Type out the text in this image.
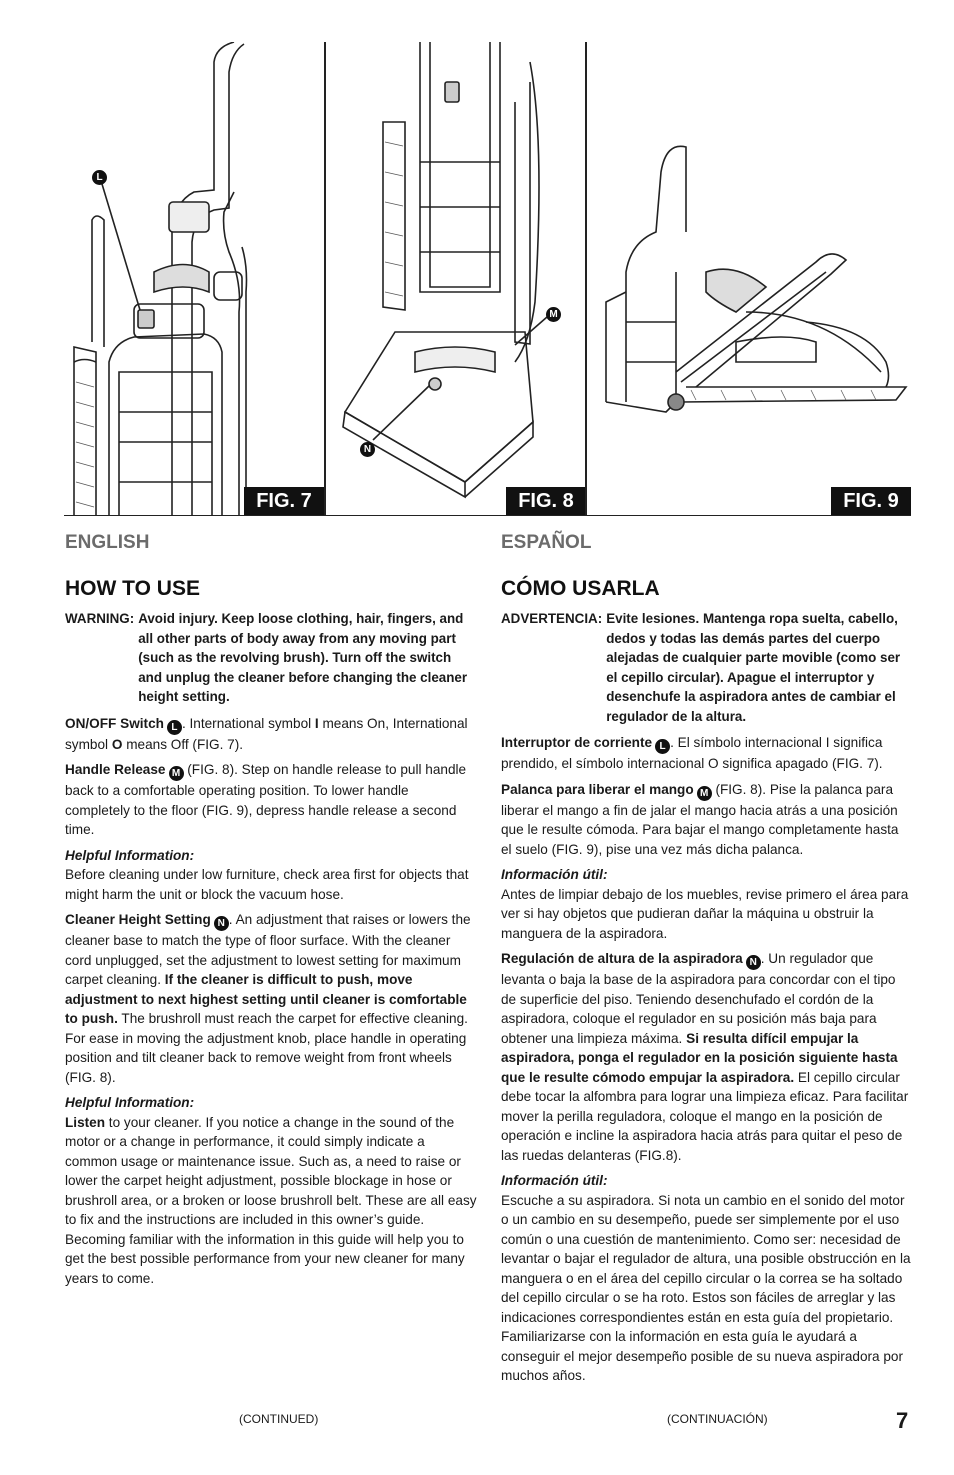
L
FIG. 7
M
N
FIG. 8	FIG. 9
ENGLISH
HOW TO USE
WARNING: Avoid injury. Keep loose clothing, hair, fingers, and all other parts of body away from any moving part (such as the revolving brush). Turn off the switch and unplug the cleaner before changing the cleaner height setting.

ON/OFF Switch L . International symbol I means On, International symbol O means Off (FIG. 7).

Handle Release M (FIG. 8). Step on handle release to pull handle back to a comfortable operating position. To lower handle completely to the floor (FIG. 9), depress handle release a second time.

Helpful Information:

Before cleaning under low furniture, check area first for objects that might harm the unit or block the vacuum hose.

Cleaner Height Setting N . An adjustment that raises or lowers the cleaner base to match the type of floor surface. With the cleaner cord unplugged, set the adjustment to lowest setting for maximum carpet cleaning. If the cleaner is difficult to push, move adjustment to next highest setting until cleaner is comfortable to push. The brushroll must reach the carpet for effective cleaning. For ease in moving the adjustment knob, place handle in operating position and tilt cleaner back to remove weight from front wheels (FIG. 8).

Helpful Information:

Listen to your cleaner. If you notice a change in the sound of the motor or a change in performance, it could simply indicate a common usage or maintenance issue. Such as, a need to raise or lower the carpet height adjustment, possible blockage in hose or brushroll area, or a broken or loose brushroll belt. These are all easy to fix and the instructions are included in this owner’s guide. Becoming familiar with the information in this guide will help you to get the best possible performance from your new cleaner for many years to come.

ESPAÑOL
CÓMO USARLA
ADVERTENCIA: Evite lesiones. Mantenga ropa suelta, cabello, dedos y todas las demás partes del cuerpo alejadas de cualquier parte movible (como ser el cepillo circular). Apague el interruptor y desenchufe la aspiradora antes de cambiar el regulador de la altura.

Interruptor de corriente L . El símbolo internacional I significa prendido, el símbolo internacional O significa apagado (FIG. 7).

Palanca para liberar el mango M (FIG. 8). Pise la palanca para liberar el mango a fin de jalar el mango hacia atrás a una posición que le resulte cómoda. Para bajar el mango completamente hasta el suelo (FIG. 9), pise una vez más dicha palanca.

Información útil:

Antes de limpiar debajo de los muebles, revise primero el área para ver si hay objetos que pudieran dañar la máquina u obstruir la manguera de la aspiradora.

Regulación de altura de la aspiradora N . Un regulador que levanta o baja la base de la aspiradora para concordar con el tipo de superficie del piso. Teniendo desenchufado el cordón de la aspiradora, coloque el regulador en su posición más baja para obtener una limpieza máxima. Si resulta difícil empujar la aspiradora, ponga el regulador en la posición siguiente hasta que le resulte cómodo empujar la aspiradora. El cepillo circular debe tocar la alfombra para lograr una limpieza eficaz. Para facilitar mover la perilla reguladora, coloque el mango en la posición de operación e incline la aspiradora hacia atrás para quitar el peso de las ruedas delanteras (FIG.8).

Información útil:

Escuche a su aspiradora. Si nota un cambio en el sonido del motor o un cambio en su desempeño, puede ser simplemente por el uso común o una cuestión de mantenimiento. Como ser: necesidad de levantar o bajar el regulador de altura, una posible obstrucción en la manguera o en el área del cepillo circular o la correa se ha soltado del cepillo circular o se ha roto. Estos son fáciles de arreglar y las indicaciones correspondientes están en esta guía del propietario. Familiarizarse con la información en esta guía le ayudará a conseguir el mejor desempeño posible de su nueva aspiradora por muchos años.

(CONTINUED)	(CONTINUACIÓN)	7
